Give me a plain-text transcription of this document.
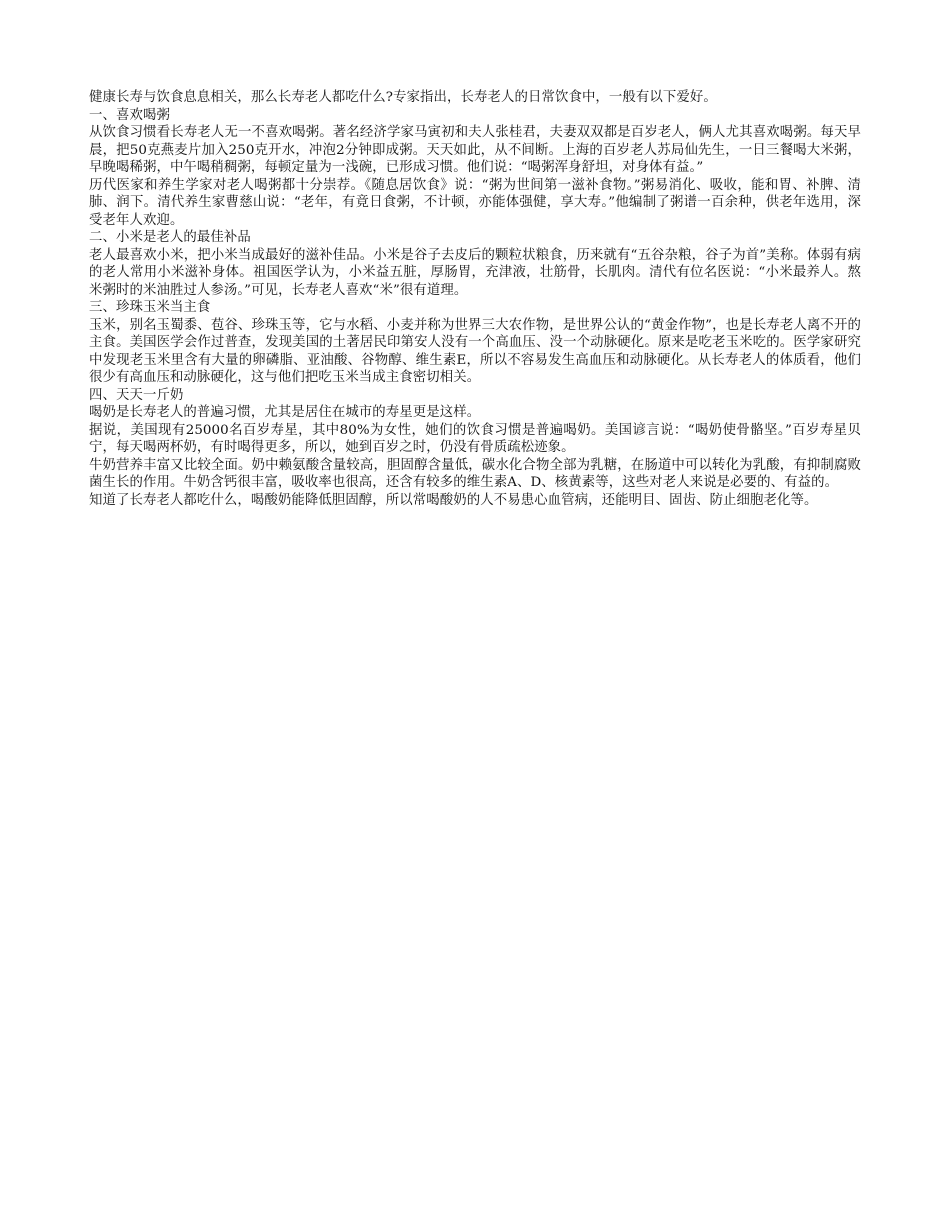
健康长寿与饮食息息相关，那么长寿老人都吃什么?专家指出，长寿老人的日常饮食中，一般有以下爱好。

一、喜欢喝粥

从饮食习惯看长寿老人无一不喜欢喝粥。著名经济学家马寅初和夫人张桂君，夫妻双双都是百岁老人，俩人尤其喜欢喝粥。每天早晨，把50克燕麦片加入250克开水，冲泡2分钟即成粥。天天如此，从不间断。上海的百岁老人苏局仙先生，一日三餐喝大米粥，早晚喝稀粥，中午喝稍稠粥，每顿定量为一浅碗，已形成习惯。他们说：“喝粥浑身舒坦，对身体有益。”

历代医家和养生学家对老人喝粥都十分崇荐。《随息居饮食》说：“粥为世间第一滋补食物。”粥易消化、吸收，能和胃、补脾、清肺、润下。清代养生家曹慈山说：“老年，有竟日食粥，不计顿，亦能体强健，享大寿。”他编制了粥谱一百余种，供老年选用，深受老年人欢迎。

二、小米是老人的最佳补品

老人最喜欢小米，把小米当成最好的滋补佳品。小米是谷子去皮后的颗粒状粮食，历来就有“五谷杂粮，谷子为首”美称。体弱有病的老人常用小米滋补身体。祖国医学认为，小米益五脏，厚肠胃，充津液，壮筋骨，长肌肉。清代有位名医说：“小米最养人。熬米粥时的米油胜过人参汤。”可见，长寿老人喜欢“米”很有道理。

三、珍珠玉米当主食

玉米，别名玉蜀黍、苞谷、珍珠玉等，它与水稻、小麦并称为世界三大农作物，是世界公认的“黄金作物”，也是长寿老人离不开的主食。美国医学会作过普查，发现美国的土著居民印第安人没有一个高血压、没一个动脉硬化。原来是吃老玉米吃的。医学家研究中发现老玉米里含有大量的卵磷脂、亚油酸、谷物醇、维生素E，所以不容易发生高血压和动脉硬化。从长寿老人的体质看，他们很少有高血压和动脉硬化，这与他们把吃玉米当成主食密切相关。

四、天天一斤奶

喝奶是长寿老人的普遍习惯，尤其是居住在城市的寿星更是这样。

据说，美国现有25000名百岁寿星，其中80%为女性，她们的饮食习惯是普遍喝奶。美国谚言说：“喝奶使骨骼坚。”百岁寿星贝宁，每天喝两杯奶，有时喝得更多，所以，她到百岁之时，仍没有骨质疏松迹象。

牛奶营养丰富又比较全面。奶中赖氨酸含量较高，胆固醇含量低，碳水化合物全部为乳糖，在肠道中可以转化为乳酸，有抑制腐败菌生长的作用。牛奶含钙很丰富，吸收率也很高，还含有较多的维生素A、D、核黄素等，这些对老人来说是必要的、有益的。

知道了长寿老人都吃什么，喝酸奶能降低胆固醇，所以常喝酸奶的人不易患心血管病，还能明目、固齿、防止细胞老化等。
